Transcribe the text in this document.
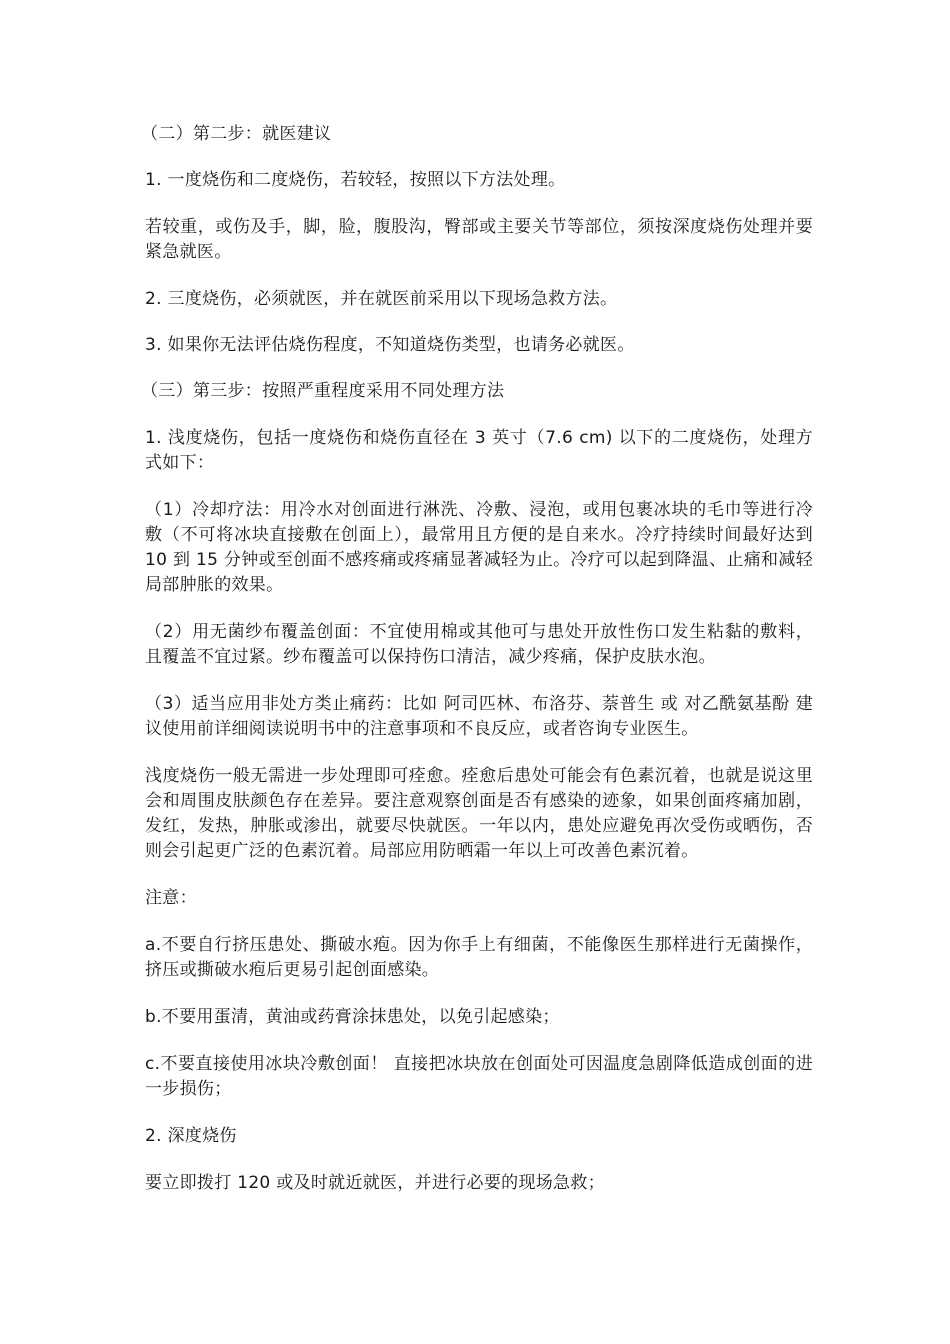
（二）第二步：就医建议

1. 一度烧伤和二度烧伤，若较轻，按照以下方法处理。

若较重，或伤及手，脚，脸，腹股沟，臀部或主要关节等部位，须按深度烧伤处理并要紧急就医。

2. 三度烧伤，必须就医，并在就医前采用以下现场急救方法。

3. 如果你无法评估烧伤程度，不知道烧伤类型，也请务必就医。

（三）第三步：按照严重程度采用不同处理方法

1. 浅度烧伤，包括一度烧伤和烧伤直径在 3 英寸（7.6 cm) 以下的二度烧伤，处理方式如下：

（1）冷却疗法：用冷水对创面进行淋洗、冷敷、浸泡，或用包裹冰块的毛巾等进行冷敷（不可将冰块直接敷在创面上），最常用且方便的是自来水。冷疗持续时间最好达到 10 到 15 分钟或至创面不感疼痛或疼痛显著减轻为止。冷疗可以起到降温、止痛和减轻局部肿胀的效果。

（2）用无菌纱布覆盖创面：不宜使用棉或其他可与患处开放性伤口发生粘黏的敷料，且覆盖不宜过紧。纱布覆盖可以保持伤口清洁，减少疼痛，保护皮肤水泡。

（3）适当应用非处方类止痛药：比如 阿司匹林、布洛芬、萘普生 或 对乙酰氨基酚 建议使用前详细阅读说明书中的注意事项和不良反应，或者咨询专业医生。

浅度烧伤一般无需进一步处理即可痊愈。痊愈后患处可能会有色素沉着，也就是说这里会和周围皮肤颜色存在差异。要注意观察创面是否有感染的迹象，如果创面疼痛加剧，发红，发热，肿胀或渗出，就要尽快就医。一年以内，患处应避免再次受伤或晒伤，否则会引起更广泛的色素沉着。局部应用防晒霜一年以上可改善色素沉着。

注意：

a.不要自行挤压患处、撕破水疱。因为你手上有细菌，不能像医生那样进行无菌操作，挤压或撕破水疱后更易引起创面感染。

b.不要用蛋清，黄油或药膏涂抹患处，以免引起感染；

c.不要直接使用冰块冷敷创面！ 直接把冰块放在创面处可因温度急剧降低造成创面的进一步损伤；

2. 深度烧伤

要立即拨打 120 或及时就近就医，并进行必要的现场急救；
